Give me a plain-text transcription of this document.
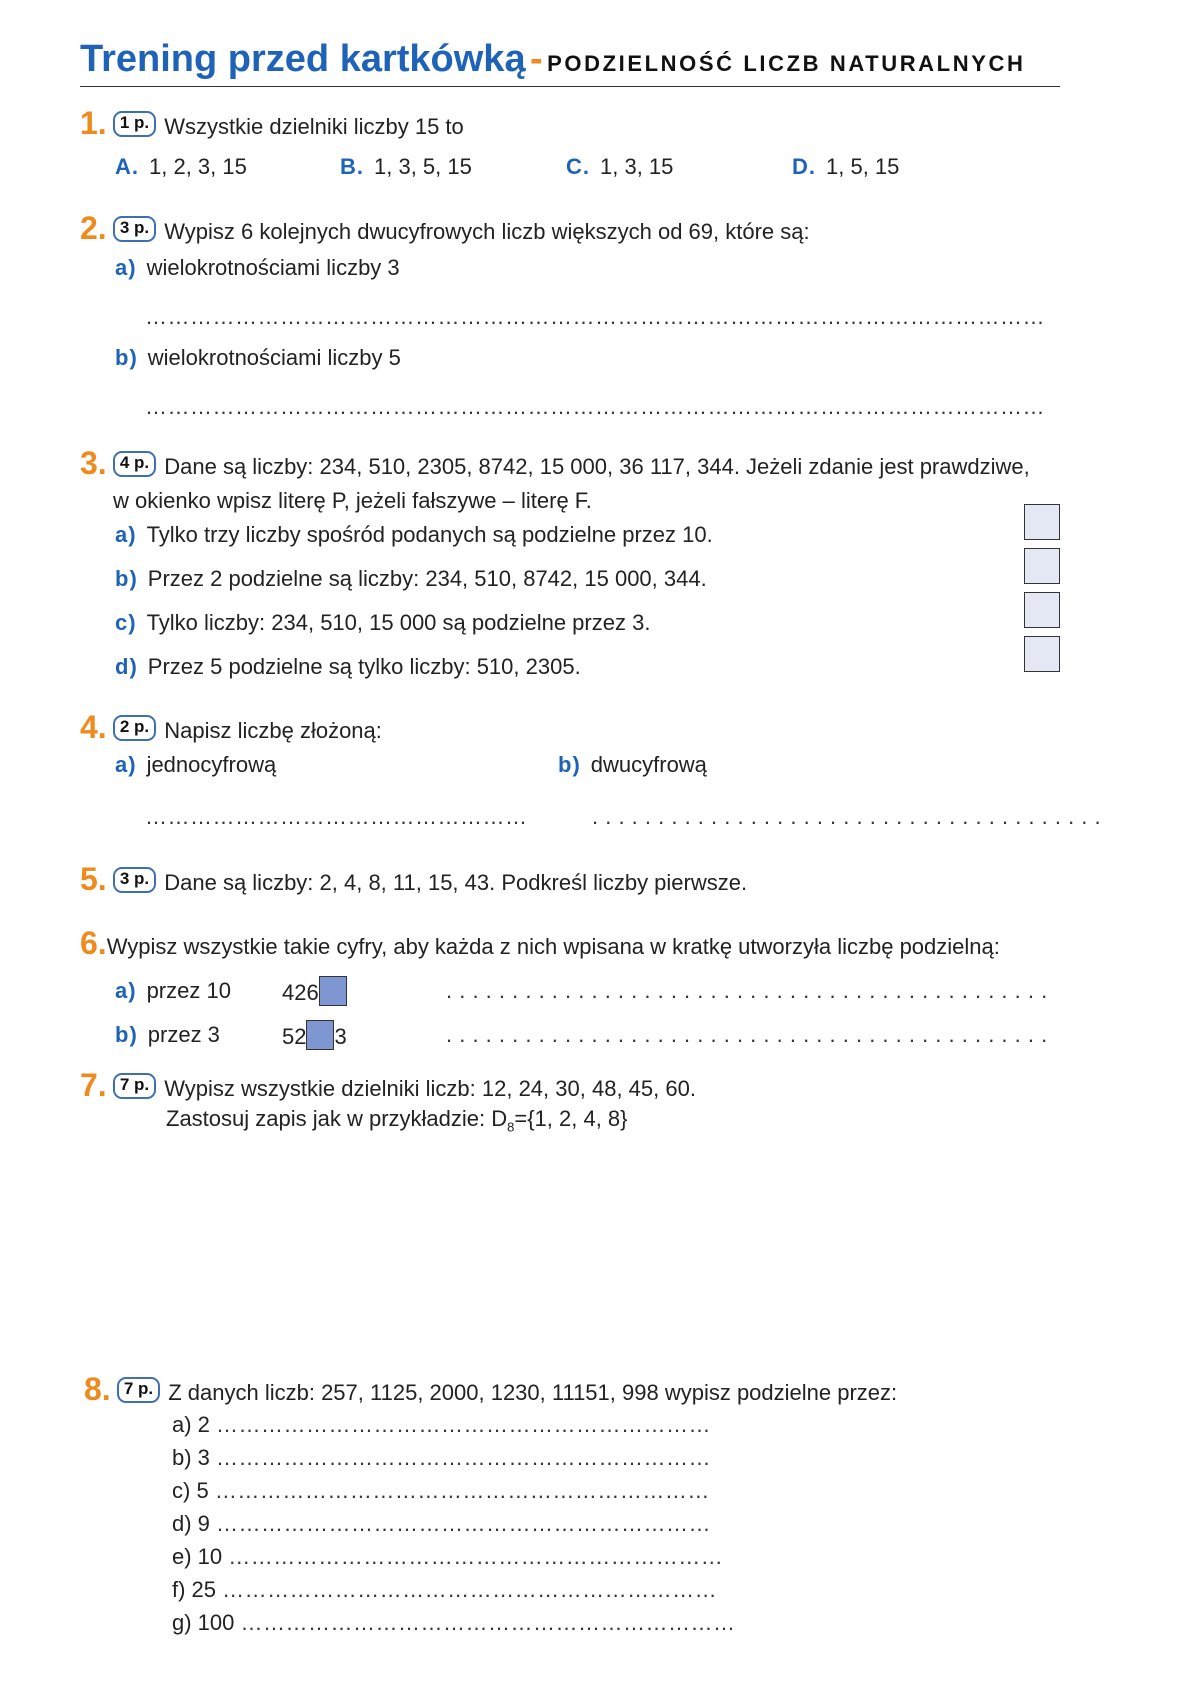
Trening przed kartkówką - PODZIELNOŚĆ LICZB NATURALNYCH
1. 1 p. Wszystkie dzielniki liczby 15 to
A. 1, 2, 3, 15	B. 1, 3, 5, 15	C. 1, 3, 15	D. 1, 5, 15
2. 3 p. Wypisz 6 kolejnych dwucyfrowych liczb większych od 69, które są:
a) wielokrotnościami liczby 3
…………………………………………………………………………………………………………
b) wielokrotnościami liczby 5
…………………………………………………………………………………………………………
3. 4 p. Dane są liczby: 234, 510, 2305, 8742, 15 000, 36 117, 344. Jeżeli zdanie jest prawdziwe,
w okienko wpisz literę P, jeżeli fałszywe – literę F.
a) Tylko trzy liczby spośród podanych są podzielne przez 10.
b) Przez 2 podzielne są liczby: 234, 510, 8742, 15 000, 344.
c) Tylko liczby: 234, 510, 15 000 są podzielne przez 3.
d) Przez 5 podzielne są tylko liczby: 510, 2305.
4. 2 p. Napisz liczbę złożoną:
a) jednocyfrową	b) dwucyfrową
……………………………………………	. . . . . . . . . . . . . . . . . . . . . . . . . . . . . . . . . . . . . . .
5. 3 p. Dane są liczby: 2, 4, 8, 11, 15, 43. Podkreśl liczby pierwsze.
6.Wypisz wszystkie takie cyfry, aby każda z nich wpisana w kratkę utworzyła liczbę podzielną:
a) przez 10 426	. . . . . . . . . . . . . . . . . . . . . . . . . . . . . . . . . . . . . . . . . . . . . .
b) przez 3	52 3	. . . . . . . . . . . . . . . . . . . . . . . . . . . . . . . . . . . . . . . . . . . . . .
7. 7 p. Wypisz wszystkie dzielniki liczb: 12, 24, 30, 48, 45, 60.
Zastosuj zapis jak w przykładzie: $D_8=\{1$, 2, 4, 8}
8. 7 p. Z danych liczb: 257, 1125, 2000, 1230, 11151, 998 wypisz podzielne przez:
a) 2 …………………………………………………………
b) 3 …………………………………………………………
c) 5 …………………………………………………………
d) 9 …………………………………………………………
e) 10 …………………………………………………………
f) 25 …………………………………………………………
g) 100 …………………………………………………………
